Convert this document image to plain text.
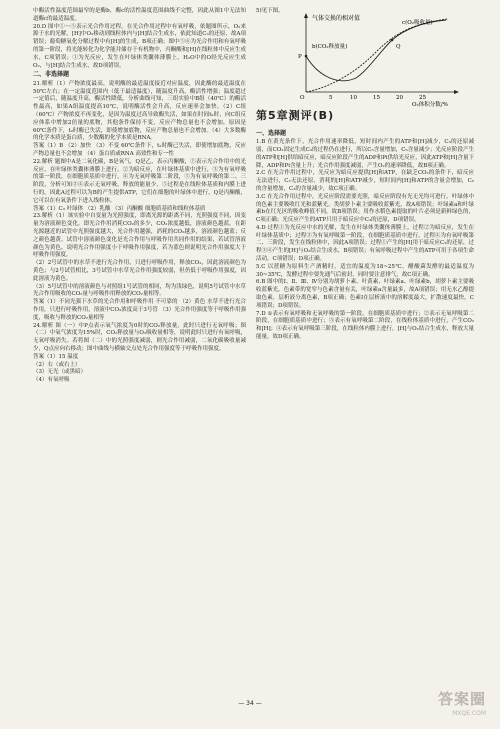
中酶活性温度范围最窄的是酶b，酶c的活性温度范围曲线不完整，因此从图1中无法知道酶c的最适温度。

20.D 图中①～⑤表示光合作用过程，在光合作用过程中有氧呼吸，依题图所示，O₂来源于水的光解，[H]中O₂移动到线粒体内与[H]结合生成水，依此知道C₃的还原，故A项错误；葡萄糖氧化分解过程中有[H]的生成，B项正确；图中⑤⑥为光合作用和有氧呼吸的第一阶段，将光能转化为化学能并储存于有机物中，丙酮酸和[H]在线粒体中反应生成水，C项错误；①为光反应，发生在叶绿体类囊体薄膜上，H₂O中的O经光反应生成O₂，与[H]结合生成水，故D项错误。

二、非选择题

21.解析（1）产物浓度最高，说明酶的最适温度接近对应温度，因此酶的最适温度在50℃左右；在一定温度范围内（低于最适温度），随温度升高，酶活性增强；温度超过一定值后，随温度升高，酶活性降低。分析曲线可知，三组实验中B组（40℃）的酶活性最高，如果A组温度提高10℃，说明酶活性会升高，反应速率会加快。（2）C组（60℃）产物浓度不再变化，是因为温度过高导致酶失活，如果在时间t₂时，向C组反应体系中增加2倍量的底物，其他条件保持不变，反应产物总量也不会增加，原因是60℃条件下，t₂时酶已失活，即使增加底物，反应产物总量也不会增加。（4）大多数酶的化学本质是蛋白质，少数酶的化学本质是RNA。

答案（1）B （2）加快 （3）不变 60℃条件下，t₂时酶已失活，即使增加底物，反应产物总量也不会增加 （4）蛋白质或RNA 高效性和专一性

22.解析 题图中A是二氧化碳，B是氧气，Q是乙，表示丙酮酸，①表示光合作用中的光反应，在叶绿体类囊体薄膜上进行，②为暗反应，在叶绿体基质中进行，③为有氧呼吸的第一阶段，在细胞质基质中进行，④为无氧呼吸第二阶段，⑤为有氧呼吸的第二、三阶段，分析可知③④表示无氧呼吸，释放的能量少，⑤过程是在线粒体基质和内膜上进行的，因此A过程可以为B的产生提供ATP，它们在细胞的叶绿体中进行，Q是丙酮酸，它可以在有氧条件下进入线粒体。

答案（1）C₃ 叶绿体 （2）乳酸 （3）丙酮酸 细胞质基质和线粒体基质

23.解析（1）该实验中自变量为光照强度，即离光源的距离不同，光照强度不同，因变量为溶液颜色变化，即光合作用消耗CO₂的多少，CO₂浓度越低，溶液颜色越蓝。在距光源越近的试管中光照强度越大，光合作用越强，消耗的CO₂越多，溶液颜色越蓝；反之颜色越黄。试管中溶液颜色变化是光合作用与呼吸作用共同作用的结果，若试管溶液颜色为黄色，说明光合作用强度小于呼吸作用强度，若为蓝色则说明光合作用强度大于呼吸作用强度。

（2）2号试管中的水草不进行光合作用，只进行呼吸作用，释放CO₂，因此溶液颜色为黄色；与2号试管相比，3号试管中水草光合作用强度较弱，但仍低于呼吸作用强度，因此溶液为黄色。

（3）5号试管中的溶液颜色与对照组1号试管的相同，均为浅绿色，说明5号试管中水草光合作用吸收的CO₂量与呼吸作用释放的CO₂量相等。

答案（1）不同光强下水草的光合作用和呼吸作用 不可靠的 （2）黄色 水草不进行光合作用，只进行呼吸作用，溶液中CO₂浓度高于3号管 （3）光合作用强度等于呼吸作用强度，吸收与释放的CO₂量相等

24.解析 图（一）中P点表示氧气浓度为0时的CO₂释放量，此时只进行无氧呼吸；图（二）中氧气浓度为15%时，CO₂释放量与O₂吸收量相等，说明此时只进行有氧呼吸，无氧呼吸消失。若将图（二）中的光照强度减弱，则光合作用减弱，二氧化碳吸收量减少，Q点应向右移动；图中曲线与横轴交点处光合作用强度等于呼吸作用强度。

答案（1）15 温度

（2）右（或右上）

（3）无光（或黑暗）

（4）有氧呼吸

5)见下图。
气体交换的相对值
O	5	10	15	20	25
O₂体积分数/%
P
Q
b(CO₂释放量)
c(O₂吸收量)

第5章测评(B)

一、选择题

1.B 在黄光条件下，光合作用速率降低，短时间内产生的ATP和[H]减少，C₃的还原减弱，而CO₂固定生成C₃的过程仍在进行，所以C₃含量增加，C₅含量减少；光反应阶段产生的ATP和[H]供给暗反应，暗反应阶段产生的ADP和Pi供给光反应，因此ATP和[H]含量下降，ADP和Pi含量上升；光合作用强度减弱，产生O₂的速率降低，故B项正确。

2.C 在光合作用过程中，光反应为暗反应提供[H]和ATP，在缺乏CO₂的条件下，暗反应无法进行，C₃无法还原，消耗的[H]和ATP减少，短时间内[H]和ATP的含量会增加，C₅的含量增加，C₃的含量减少，故C项正确。

3.C 在光合作用过程中，光反应阶段需要光照，暗反应阶段有光无光均可进行，叶绿体中的色素主要吸收红光和蓝紫光，类胡萝卜素主要吸收蓝紫光，故A项错误；叶绿素a和叶绿素b在红光区的吸收峰值不同，故B项错误；用作水稻色素提取的叶片必须是新鲜绿色的，C项正确；光反应产生的ATP只用于暗反应中C₃的还原，D项错误。

4.D 过程①为光反应中水的光解，发生在叶绿体类囊体薄膜上，过程②为暗反应，发生在叶绿体基质中；过程③为有氧呼吸第一阶段，在细胞质基质中进行，过程④为有氧呼吸第二、三阶段，发生在线粒体中，因此A项错误；过程①产生的[H]用于暗反应C₃的还原，过程③④产生的[H]与O₂结合生成水，B项错误；有氧呼吸过程中产生的ATP可用于各项生命活动，C项错误；D项正确。

5.C 以蔗糖为原料生产酒精时，适宜的温度为18~25℃，醋酸菌发酵的最适温度为30~35℃，发酵过程中要先通气后密封，同时要注意排气，故C项正确。

6.B 图中的Ⅰ、Ⅱ、Ⅲ、Ⅳ分别为胡萝卜素、叶黄素、叶绿素a、叶绿素b，胡萝卜素主要吸收蓝紫光，色素带的宽窄与色素含量有关，叶绿素a含量最多，故A项错误；用无水乙醇提取色素，层析液分离色素，B项正确；色素Ⅰ在层析液中的溶解度最大，扩散速度最快，C项错误；D项错误。

7.D ①表示有氧呼吸和无氧呼吸的第一阶段，在细胞质基质中进行；②表示无氧呼吸第二阶段，在细胞质基质中进行；③表示有氧呼吸第二阶段，在线粒体基质中进行，产生CO₂和[H]；④表示有氧呼吸第三阶段，在线粒体内膜上进行，[H]与O₂结合生成水，释放大量能量，故D项正确。

— 34 —	答案圈
MXQE.COM
